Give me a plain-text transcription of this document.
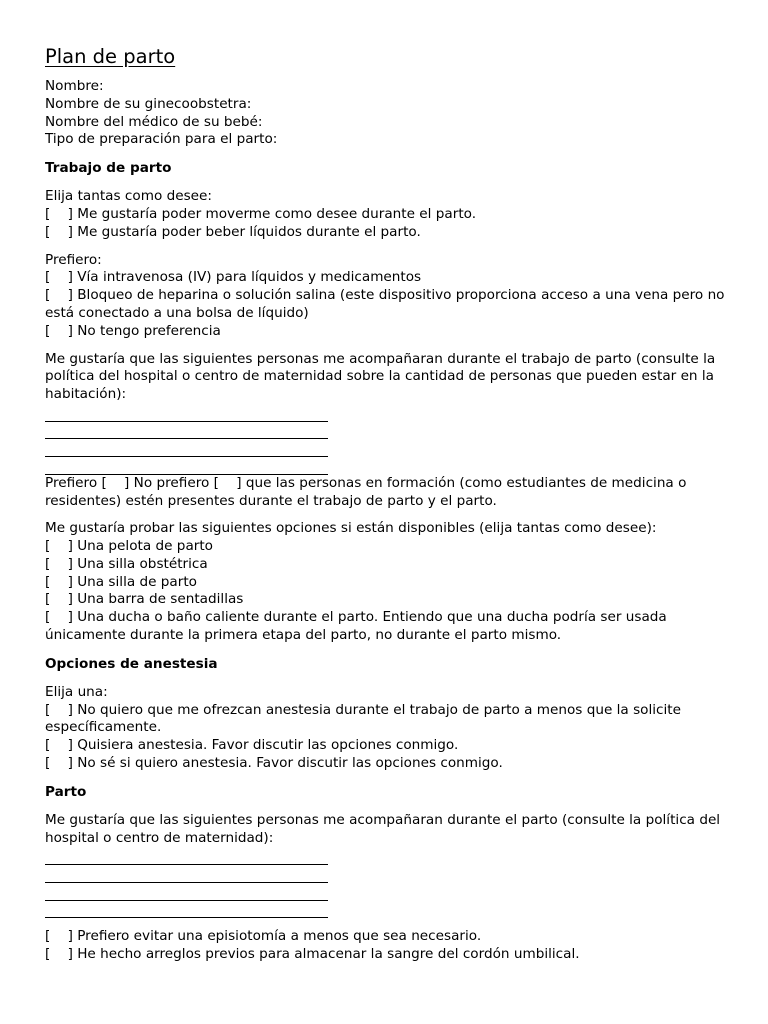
Plan de parto
Nombre:
Nombre de su ginecoobstetra:
Nombre del médico de su bebé:
Tipo de preparación para el parto:
Trabajo de parto
Elija tantas como desee:
[    ] Me gustaría poder moverme como desee durante el parto.
[    ] Me gustaría poder beber líquidos durante el parto.
Prefiero:
[    ] Vía intravenosa (IV) para líquidos y medicamentos
[    ] Bloqueo de heparina o solución salina (este dispositivo proporciona acceso a una vena pero no está conectado a una bolsa de líquido)
[    ] No tengo preferencia
Me gustaría que las siguientes personas me acompañaran durante el trabajo de parto (consulte la política del hospital o centro de maternidad sobre la cantidad de personas que pueden estar en la habitación):
Prefiero [    ] No prefiero [    ] que las personas en formación (como estudiantes de medicina o residentes) estén presentes durante el trabajo de parto y el parto.
Me gustaría probar las siguientes opciones si están disponibles (elija tantas como desee):
[    ] Una pelota de parto
[    ] Una silla obstétrica
[    ] Una silla de parto
[    ] Una barra de sentadillas
[    ] Una ducha o baño caliente durante el parto. Entiendo que una ducha podría ser usada únicamente durante la primera etapa del parto, no durante el parto mismo.
Opciones de anestesia
Elija una:
[    ] No quiero que me ofrezcan anestesia durante el trabajo de parto a menos que la solicite específicamente.
[    ] Quisiera anestesia. Favor discutir las opciones conmigo.
[    ] No sé si quiero anestesia. Favor discutir las opciones conmigo.
Parto
Me gustaría que las siguientes personas me acompañaran durante el parto (consulte la política del hospital o centro de maternidad):
[    ] Prefiero evitar una episiotomía a menos que sea necesario.
[    ] He hecho arreglos previos para almacenar la sangre del cordón umbilical.
